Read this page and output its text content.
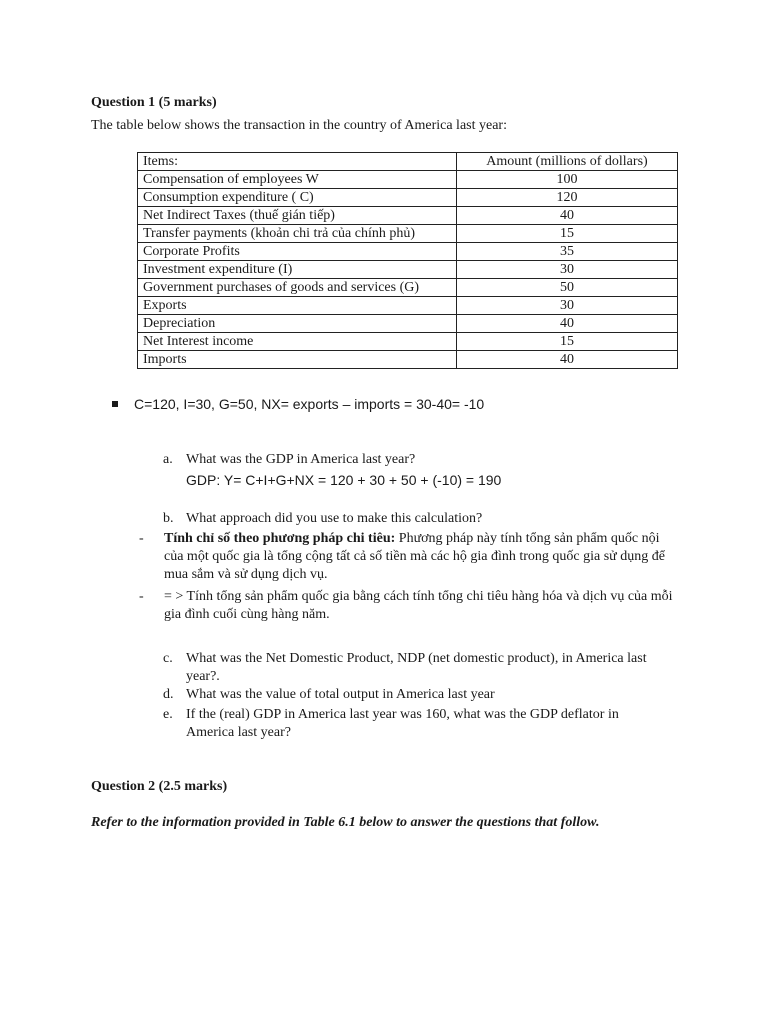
Question 1 (5 marks)
The table below shows the transaction in the country of America last year:
Items:	Amount (millions of dollars)
Compensation of employees W	100
Consumption expenditure ( C)	120
Net Indirect Taxes (thuế gián tiếp)	40
Transfer payments (khoản chi trả của chính phủ)	15
Corporate Profits	35
Investment expenditure (I)	30
Government purchases of goods and services (G)	50
Exports	30
Depreciation	40
Net Interest income	15
Imports	40
C=120, I=30, G=50, NX= exports – imports = 30-40= -10
a. What was the GDP in America last year?
GDP: Y= C+I+G+NX = 120 + 30 + 50 + (-10) = 190
b. What approach did you use to make this calculation?
- Tính chỉ số theo phương pháp chi tiêu: Phương pháp này tính tổng sản phẩm quốc nội của một quốc gia là tổng cộng tất cả số tiền mà các hộ gia đình trong quốc gia sử dụng để mua sắm và sử dụng dịch vụ.
- = > Tính tổng sản phẩm quốc gia bằng cách tính tổng chi tiêu hàng hóa và dịch vụ của mỗi gia đình cuối cùng hàng năm.
c. What was the Net Domestic Product, NDP (net domestic product), in America last year?.
d. What was the value of total output in America last year
e. If the (real) GDP in America last year was 160, what was the GDP deflator in America last year?
Question 2 (2.5 marks)
Refer to the information provided in Table 6.1 below to answer the questions that follow.
